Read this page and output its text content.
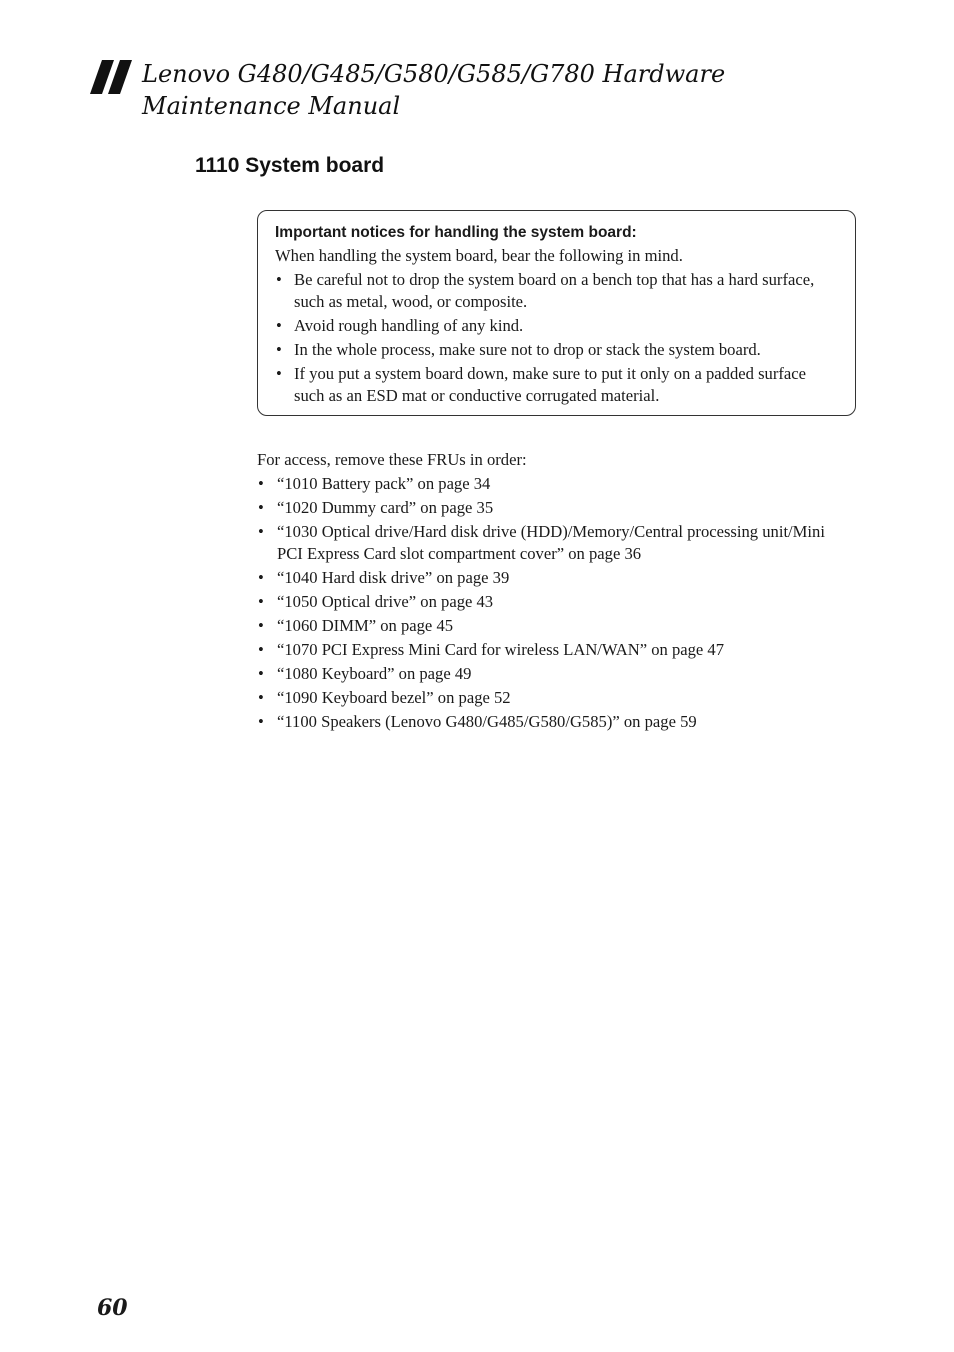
Lenovo G480/G485/G580/G585/G780 Hardware Maintenance Manual
1110 System board

Important notices for handling the system board:

When handling the system board, bear the following in mind.

• Be careful not to drop the system board on a bench top that has a hard surface, such as metal, wood, or composite.
• Avoid rough handling of any kind.
• In the whole process, make sure not to drop or stack the system board.
• If you put a system board down, make sure to put it only on a padded surface such as an ESD mat or conductive corrugated material.

For access, remove these FRUs in order:

• “1010 Battery pack” on page 34
• “1020 Dummy card” on page 35
• “1030 Optical drive/Hard disk drive (HDD)/Memory/Central processing unit/Mini PCI Express Card slot compartment cover” on page 36
• “1040 Hard disk drive” on page 39
• “1050 Optical drive” on page 43
• “1060 DIMM” on page 45
• “1070 PCI Express Mini Card for wireless LAN/WAN” on page 47
• “1080 Keyboard” on page 49
• “1090 Keyboard bezel” on page 52
• “1100 Speakers (Lenovo G480/G485/G580/G585)” on page 59

60
